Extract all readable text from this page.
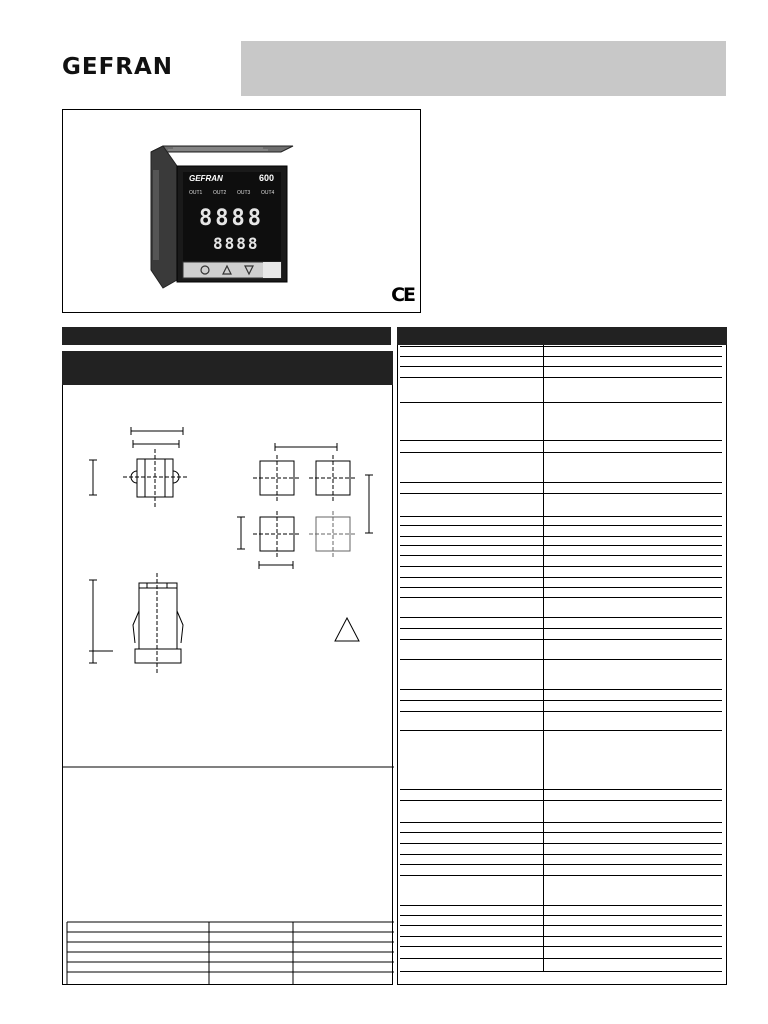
GEFRAN
GEFRAN	600
OUT1 OUT2 OUT3 OUT4
8888
8888
CE
